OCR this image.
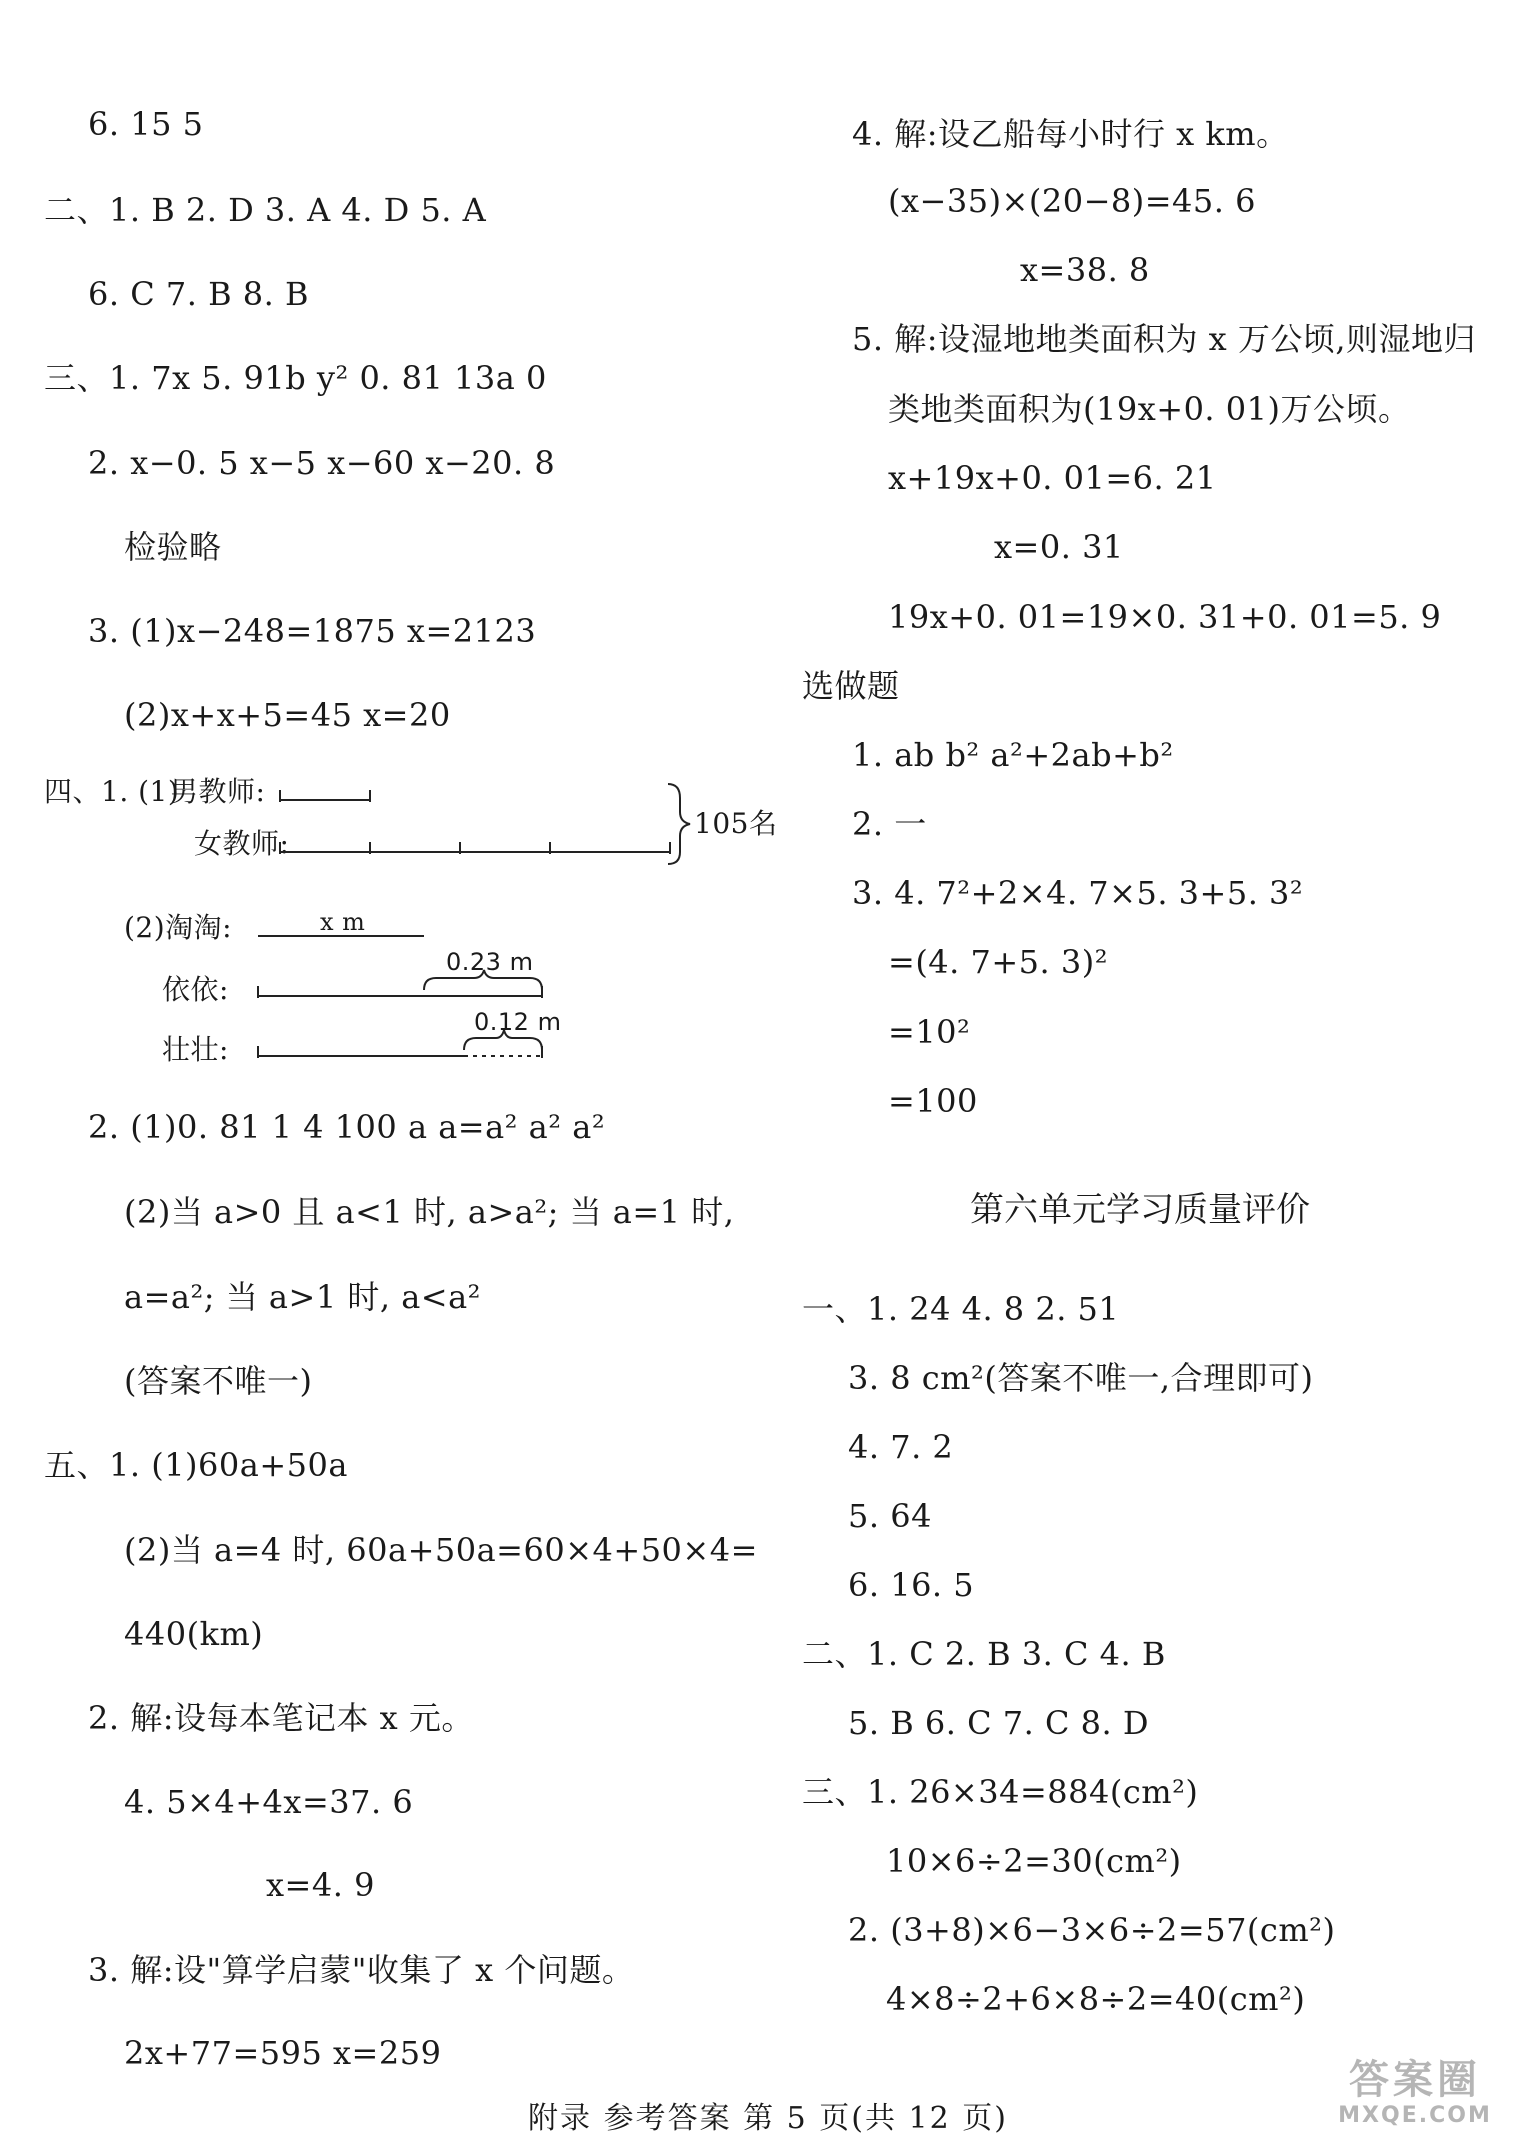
6. 15 5
二、1. B 2. D 3. A 4. D 5. A
6. C 7. B 8. B
三、1. 7x 5. 91b y² 0. 81 13a 0
2. x−0. 5 x−5 x−60 x−20. 8
检验略
3. (1)x−248=1875 x=2123
(2)x+x+5=45 x=20
四、1. (1)
男教师:
女教师:
105名
(2)淘淘:
依依:
壮壮:
x m
0.23 m
0.12 m
2. (1)0. 81 1 4 100 a a=a² a² a²
(2)当 a>0 且 a<1 时, a>a²; 当 a=1 时,
a=a²; 当 a>1 时, a<a²
(答案不唯一)
五、1. (1)60a+50a
(2)当 a=4 时, 60a+50a=60×4+50×4=
440(km)
2. 解:设每本笔记本 x 元。
4. 5×4+4x=37. 6
x=4. 9
3. 解:设"算学启蒙"收集了 x 个问题。
2x+77=595 x=259
4. 解:设乙船每小时行 x km。
(x−35)×(20−8)=45. 6
x=38. 8
5. 解:设湿地地类面积为 x 万公顷,则湿地归
类地类面积为(19x+0. 01)万公顷。
x+19x+0. 01=6. 21
x=0. 31
19x+0. 01=19×0. 31+0. 01=5. 9
选做题
1. ab b² a²+2ab+b²
2. 一
3. 4. 7²+2×4. 7×5. 3+5. 3²
=(4. 7+5. 3)²
=10²
=100
第六单元学习质量评价
一、1. 24 4. 8 2. 51
3. 8 cm²(答案不唯一,合理即可)
4. 7. 2
5. 64
6. 16. 5
二、1. C 2. B 3. C 4. B
5. B 6. C 7. C 8. D
三、1. 26×34=884(cm²)
10×6÷2=30(cm²)
2. (3+8)×6−3×6÷2=57(cm²)
4×8÷2+6×8÷2=40(cm²)
附录 参考答案 第 5 页(共 12 页)
答案圈
MXQE.COM
